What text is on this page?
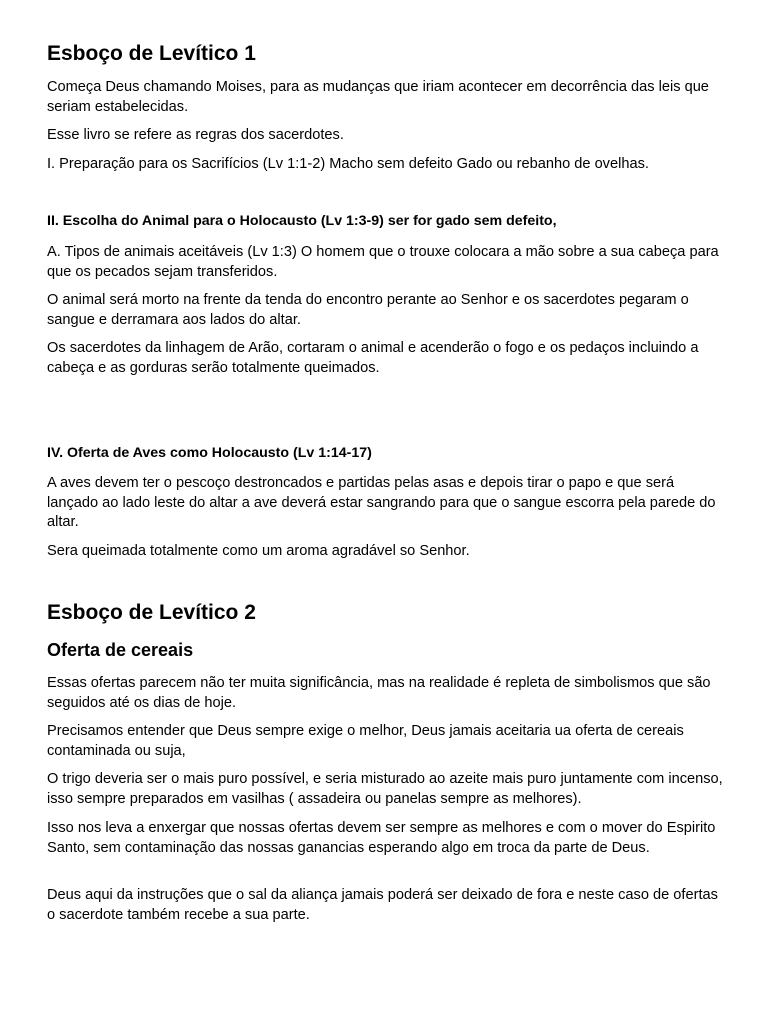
Esboço de Levítico 1

Começa Deus chamando Moises, para as mudanças que iriam acontecer em decorrência das leis que seriam estabelecidas.

Esse livro se refere as regras dos sacerdotes.

I. Preparação para os Sacrifícios (Lv 1:1-2) Macho sem defeito Gado ou rebanho de ovelhas.

II. Escolha do Animal para o Holocausto (Lv 1:3-9) ser for gado sem defeito,

A. Tipos de animais aceitáveis (Lv 1:3) O homem que o trouxe colocara a mão sobre a sua cabeça para que os pecados sejam transferidos.

O animal será morto na frente da tenda do encontro perante ao Senhor e os sacerdotes pegaram o sangue e derramara aos lados do altar.

Os sacerdotes da linhagem de Arão, cortaram o animal e acenderão o fogo e os pedaços incluindo a cabeça e as gorduras serão totalmente queimados.

IV. Oferta de Aves como Holocausto (Lv 1:14-17)

A aves devem ter o pescoço destroncados e partidas pelas asas e depois tirar o papo e que será lançado ao lado leste do altar a ave deverá estar sangrando para que o sangue escorra pela parede do altar.

Sera queimada totalmente como um aroma agradável so Senhor.

Esboço de Levítico 2
Oferta de cereais

Essas ofertas parecem não ter muita significância, mas na realidade é repleta de simbolismos que são seguidos até os dias de hoje.

Precisamos entender que Deus sempre exige o melhor, Deus jamais aceitaria ua oferta de cereais contaminada ou suja,

O trigo deveria ser o mais puro possível, e seria misturado ao azeite mais puro juntamente com incenso, isso sempre preparados em vasilhas ( assadeira ou panelas sempre as melhores).

Isso nos leva a enxergar que nossas ofertas devem ser sempre as melhores e com o mover do Espirito Santo, sem contaminação das nossas ganancias esperando algo em troca da parte de Deus.

Deus aqui da instruções que o sal da aliança jamais poderá ser deixado de fora e neste caso de ofertas o sacerdote também recebe a sua parte.
